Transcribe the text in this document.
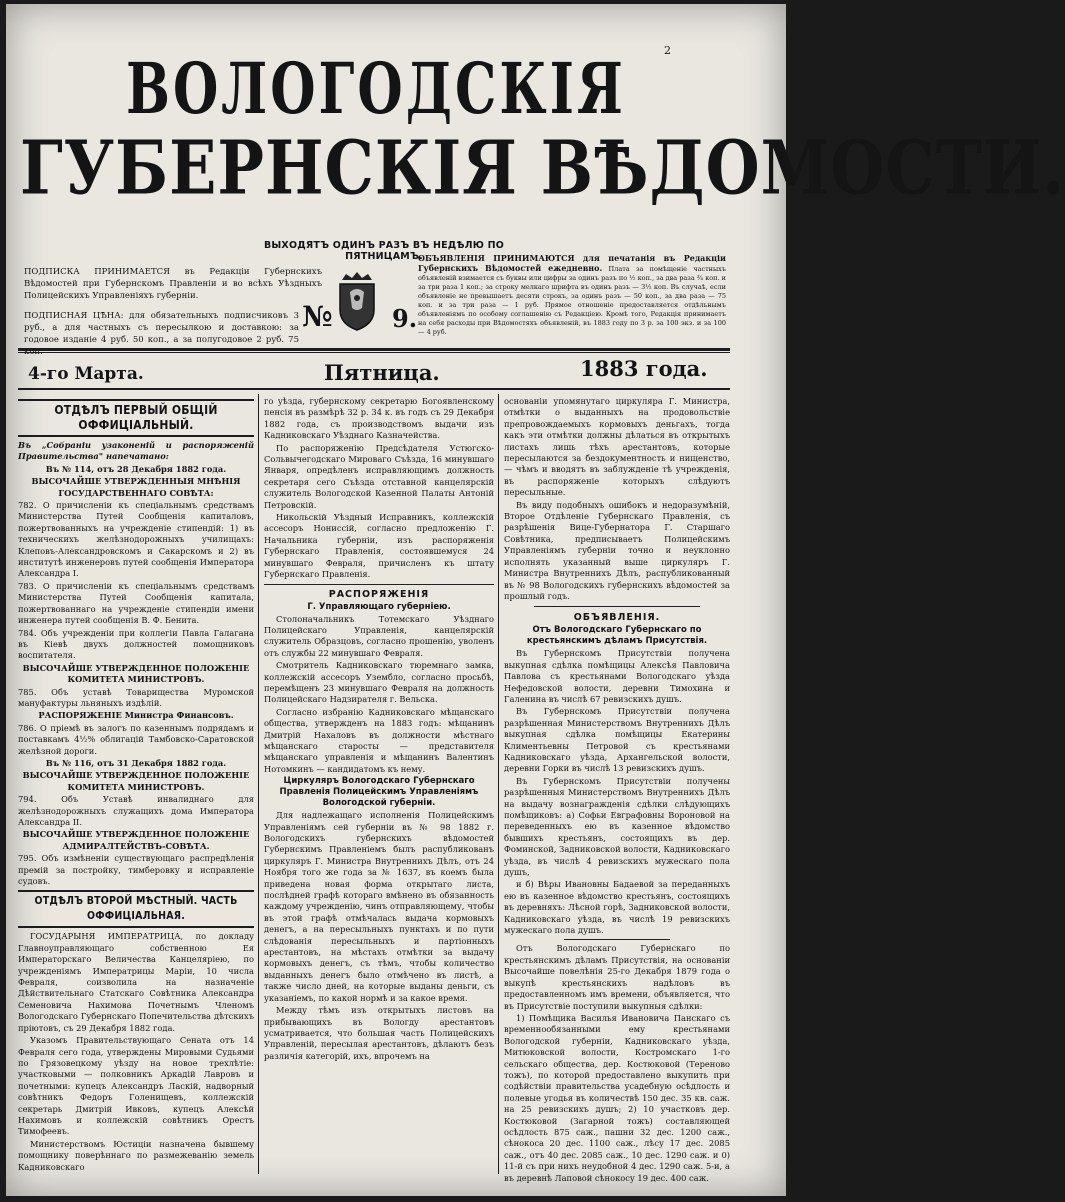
2
ВОЛОГОДСКІЯ
ГУБЕРНСКІЯ ВѢДОМОСТИ.
ВЫХОДЯТЪ ОДИНЪ РАЗЪ ВЪ НЕДѢЛЮ ПО ПЯТНИЦАМЪ.
ПОДПИСКА ПРИНИМАЕТСЯ въ Редакціи Губернскихъ Вѣдомостей при Губернскомъ Правленіи и во всѣхъ Уѣздныхъ Полицейскихъ Управленіяхъ губерніи.
ПОДПИСНАЯ ЦѢНА: для обязательныхъ подписчиковъ 3 руб., а для частныхъ съ пересылкою и доставкою: за годовое изданіе 4 руб. 50 коп., а за полугодовое 2 руб. 75
ОБЪЯВЛЕНІЯ ПРИНИМАЮТСЯ для печатанія въ Редакціи Губернскихъ Вѣдомостей ежедневно. Плата за помѣщеніе частныхъ объявленій взимается съ буквы или цифры за одинъ разъ по ½ коп., за два раза ¾ коп. и за три раза 1 коп.; за строку мелкаго шрифта въ одинъ разъ — 3½ коп. Въ случаѣ, если объявленіе не превышаетъ десяти строкъ, за одинъ разъ — 50 коп., за два раза — 75 коп. и за три раза — 1 руб. Прямое отношеніе предоставляется отдѣльнымъ объявленіямъ по особому соглашенію съ Редакціею. Кромѣ того, Редакція принимаетъ на себя расходы при Вѣдомостяхъ объявленій, въ 1883 году по 3 р. за 100 экз. и за 100 — 4 руб.
№ 9.
4-го Марта.	Пятница.	1883 года.
ОТДѢЛЪ ПЕРВЫЙ ОБЩІЙ ОФФИЦІАЛЬНЫЙ.

Въ „Собраніи узаконеній и распоряженій Правительства" напечатано:

Въ № 114, отъ 28 Декабря 1882 года.

ВЫСОЧАЙШЕ УТВЕРЖДЕННЫЯ МНѢНІЯ ГОСУДАРСТВЕННАГО СОВѢТА:

782. О причисленіи къ спеціальнымъ средствамъ Министерства Путей Сообщенія капиталовъ, пожертвованныхъ на учрежденіе стипендій: 1) въ техническихъ желѣзнодорожныхъ училищахъ: Клеповъ-Александровскомъ и Сакарскомъ и 2) въ институтѣ инженеровъ путей сообщенія Императора Александра I.

783. О причисленіи къ спеціальнымъ средствамъ Министерства Путей Сообщенія капитала, пожертвованнаго на учрежденіе стипендіи имени инженера путей сообщенія В. Ф. Бенита.

784. Объ учрежденіи при коллегіи Павла Галагана въ Кіевѣ двухъ должностей помощниковъ воспитателя.

ВЫСОЧАЙШЕ УТВЕРЖДЕННОЕ ПОЛОЖЕНІЕ КОМИТЕТА МИНИСТРОВЪ.

785. Объ уставѣ Товарищества Муромской мануфактуры льняныхъ издѣлій.

РАСПОРЯЖЕНІЕ Министра Финансовъ.

786. О пріемѣ въ залогъ по казеннымъ подрядамъ и поставкамъ 4½% облигацій Тамбовско-Саратовской желѣзной дороги.

Въ № 116, отъ 31 Декабря 1882 года.

ВЫСОЧАЙШЕ УТВЕРЖДЕННОЕ ПОЛОЖЕНІЕ КОМИТЕТА МИНИСТРОВЪ.

794. Объ Уставѣ инвалиднаго для желѣзнодорожныхъ служащихъ дома Императора Александра II.

ВЫСОЧАЙШЕ УТВЕРЖДЕННОЕ ПОЛОЖЕНІЕ АДМИРАЛТЕЙСТВЪ-СОВѢТА.

795. Объ измѣненіи существующаго распредѣленія премій за постройку, тимберовку и исправленіе судовъ.

ОТДѢЛЪ ВТОРОЙ МѢСТНЫЙ. ЧАСТЬ ОФФИЦІАЛЬНАЯ.

ГОСУДАРЫНЯ ИМПЕРАТРИЦА, по докладу Главноуправляющаго собственною Ея Императорскаго Величества Канцеляріею, по учрежденіямъ Императрицы Маріи, 10 числа Февраля, соизволила на назначеніе Дѣйствительнаго Статскаго Совѣтника Александра Семеновича Нахимова Почетнымъ Членомъ Вологодскаго Губернскаго Попечительства дѣтскихъ пріютовъ, съ 29 Декабря 1882 года.

Указомъ Правительствующаго Сената отъ 14 Февраля сего года, утверждены Мировыми Судьями по Грязовецкому уѣзду на новое трехлѣтіе: участковыми — полковникъ Аркадій Лавровъ и почетными: купецъ Александръ Ласкій, надворный совѣтникъ Федоръ Голенищевъ, коллежскій секретарь Дмитрій Ивковъ, купецъ Алексѣй Нахимовъ и коллежскій совѣтникъ Орестъ Тимофеевъ.

Министерствомъ Юстиціи назначена бывшему помощнику поверѣннаго по размежеванію земель Кадниковскаго

го уѣзда, губернскому секретарю Богоявленскому пенсія въ размѣрѣ 32 р. 34 к. въ годъ съ 29 Декабря 1882 года, съ производствомъ выдачи изъ Кадниковскаго Уѣзднаго Казначейства.

По распоряженію Предсѣдателя Устюгско-Сольвычегодскаго Мироваго Съѣзда, 16 минувшаго Января, опредѣленъ исправляющимъ должность секретаря сего Съѣзда отставной канцелярскій служитель Вологодской Казенной Палаты Антоній Петровскій.

Никольскій Уѣздный Исправникъ, коллежскій ассесоръ Нониссій, согласно предложенію Г. Начальника губерніи, изъ распоряженія Губернскаго Правленія, состоявшемуся 24 минувшаго Февраля, причисленъ къ штату Губернскаго Правленія.

РАСПОРЯЖЕНІЯ

Г. Управляющаго губерніею.

Столоначальникъ Тотемскаго Уѣзднаго Полицейскаго Управленія, канцелярскій служитель Образцовъ, согласно прошенію, уволенъ отъ службы 22 минувшаго Февраля.

Смотритель Кадниковскаго тюремнаго замка, коллежскій ассесоръ Узембло, согласно просьбѣ, перемѣщенъ 23 минувшаго Февраля на должность Полицейскаго Надзирателя г. Вельска.

Согласно избранію Кадниковскаго мѣщанскаго общества, утвержденъ на 1883 годъ: мѣщанинъ Дмитрій Нахаловъ въ должности мѣстнаго мѣщанскаго старосты — представителя мѣщанскаго управленія и мѣщанинъ Валентинъ Нотомкинъ — кандидатомъ къ нему.

Циркуляръ Вологодскаго Губернскаго Правленія Полицейскимъ Управленіямъ Вологодской губерніи.

Для надлежащаго исполненія Полицейскимъ Управленіямъ сей губерніи въ № 98 1882 г. Вологодскихъ губернскихъ вѣдомостей Губернскимъ Правленіемъ былъ распубликованъ циркуляръ Г. Министра Внутреннихъ Дѣлъ, отъ 24 Ноября того же года за № 1637, въ коемъ была приведена новая форма открытаго листа, послѣдней графѣ котораго вмѣнено въ обязанность каждому учрежденію, чинъ отправляющему, чтобы въ этой графѣ отмѣчалась выдача кормовыхъ денегъ, а на пересыльныхъ пунктахъ и по пути слѣдованія пересыльныхъ и партіонныхъ арестантовъ, на мѣстахъ отмѣтки за выдачу кормовыхъ денегъ, съ тѣмъ, чтобы количество выданныхъ денегъ было отмѣчено въ листѣ, а также число дней, на которые выданы деньги, съ указаніемъ, по какой нормѣ и за какое время.

Между тѣмъ изъ открытыхъ листовъ на прибывающихъ въ Вологду арестантовъ усматривается, что большая часть Полицейскихъ Управленій, пересылая арестантовъ, дѣлаютъ безъ различія категорій, ихъ, впрочемъ на

основаніи упомянутаго циркуляра Г. Министра, отмѣтки о выданныхъ на продовольствіе препровождаемыхъ кормовыхъ деньгахъ, тогда какъ эти отмѣтки должны дѣлаться въ открытыхъ листахъ лишь тѣхъ арестантовъ, которые пересылаются за бездокументность и нищенство, — чѣмъ и вводятъ въ заблужденіе тѣ учрежденія, въ распоряженіе которыхъ слѣдуютъ пересыльные.

Въ виду подобныхъ ошибокъ и недоразумѣній, Второе Отдѣленіе Губернскаго Правленія, съ разрѣшенія Вице-Губернатора Г. Старшаго Совѣтника, предписываетъ Полицейскимъ Управленіямъ губерніи точно и неуклонно исполнять указанный выше циркуляръ Г. Министра Внутреннихъ Дѣлъ, распубликованный въ № 98 Вологодскихъ губернскихъ вѣдомостей за прошлый годъ.

ОБЪЯВЛЕНІЯ.

Отъ Вологодскаго Губернскаго по крестьянскимъ дѣламъ Присутствія.

Въ Губернскомъ Присутствіи получена выкупная сдѣлка помѣщицы Алексѣя Павловича Павлова съ крестьянами Вологодскаго уѣзда Нефедовской волости, деревни Тимохина и Галенина въ числѣ 67 ревизскихъ душъ.

Въ Губернскомъ Присутствіи получена разрѣшенная Министерствомъ Внутреннихъ Дѣлъ выкупная сдѣлка помѣщицы Екатерины Климентьевны Петровой съ крестьянами Кадниковскаго уѣзда, Архангельской волости, деревни Горки въ числѣ 13 ревизскихъ душъ.

Въ Губернскомъ Присутствіи получены разрѣшенныя Министерствомъ Внутреннихъ Дѣлъ на выдачу вознагражденія сдѣлки слѣдующихъ помѣщиковъ: а) Софьи Евграфовны Вороновой на переведенныхъ ею въ казенное вѣдомство бывшихъ крестьянъ, состоящихъ въ дер. Фоминской, Задниковской волости, Кадниковскаго уѣзда, въ числѣ 4 ревизскихъ мужескаго пола душъ,

и б) Вѣры Ивановны Бадаевой за переданныхъ ею въ казенное вѣдомство крестьянъ, состоящихъ въ деревняхъ: Лѣсной горѣ, Задниковской волости, Кадниковскаго уѣзда, въ числѣ 19 ревизскихъ мужескаго пола душъ.

Отъ Вологодскаго Губернскаго по крестьянскимъ дѣламъ Присутствія, на основаніи Высочайше повелѣнія 25-го Декабря 1879 года о выкупѣ крестьянскихъ надѣловъ въ предоставленномъ имъ времени, объявляется, что въ Присутствіе поступили выкупныя сдѣлки:

1) Помѣщика Василья Ивановича Панскаго съ временнообязанными ему крестьянами Вологодской губерніи, Кадниковскаго уѣзда, Митюковской волости, Костромскаго 1-го сельскаго общества, дер. Костюковой (Тереново тожъ), по которой предоставлено выкупить при содѣйствіи правительства усадебную осѣдлость и полевые угодья въ количествѣ 150 дес. 35 кв. саж. на 25 ревизскихъ душъ; 2) 10 участковъ дер. Костюковой (Загарной тожъ) составляющей осѣдлость 875 саж., пашни 32 дес. 1200 саж., сѣнокоса 20 дес. 1100 саж., лѣсу 17 дес. 2085 саж., отъ 40 дес. 2085 саж., 10 дес. 1290 саж. и 0) 11-й съ при нихъ неудобной 4 дес. 1290 саж. 5-и, а въ деревнѣ Лаповой сѣнокосу 19 дес. 400 саж.
